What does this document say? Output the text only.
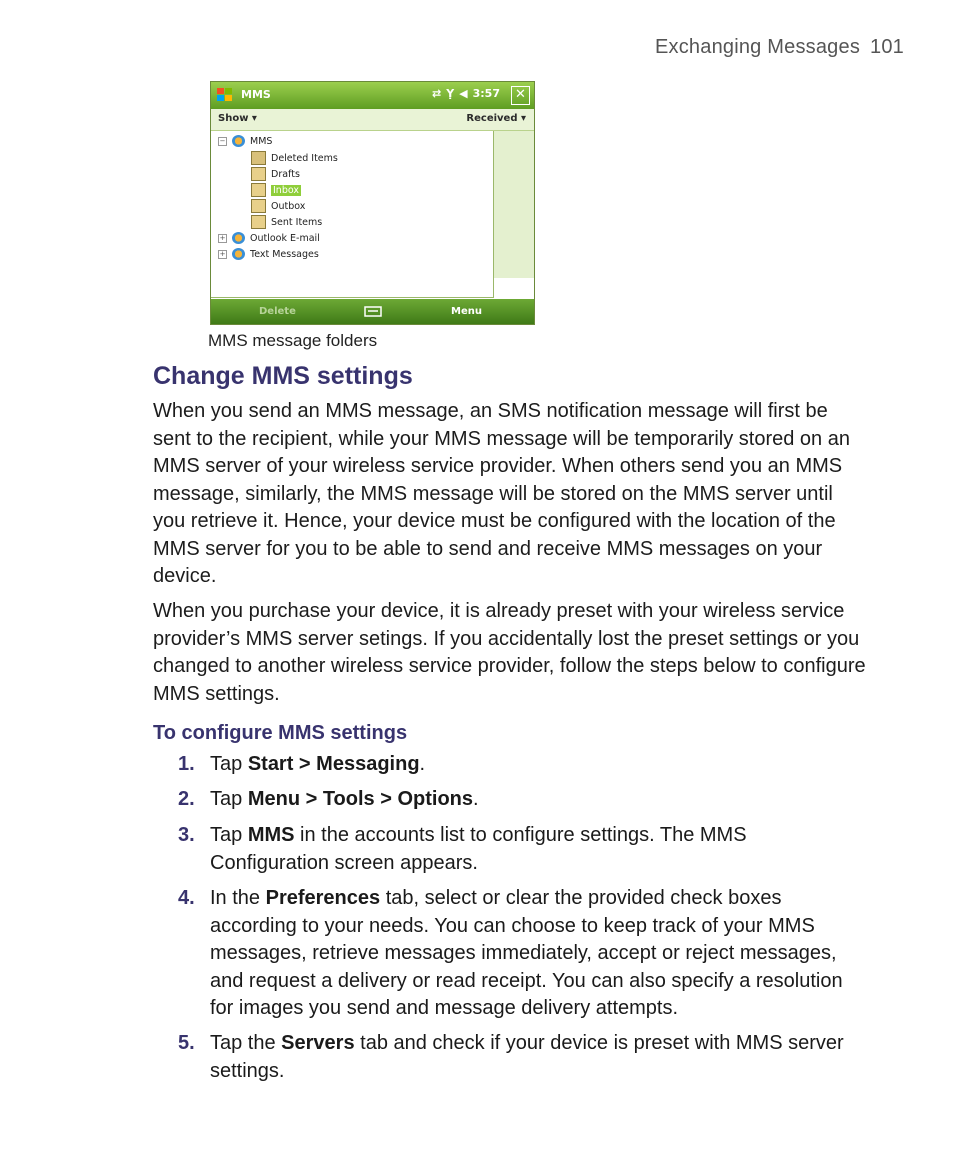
Exchanging Messages 101
MMS	⇄ Ỵ ◀ 3:57	✕
Show ▾	Received ▾
−	MMS
Deleted Items
Drafts
Inbox
Outbox
Sent Items
+	Outlook E-mail
+	Text Messages
Delete	Menu
MMS message folders
Change MMS settings

When you send an MMS message, an SMS notification message will first be sent to the recipient, while your MMS message will be temporarily stored on an MMS server of your wireless service provider. When others send you an MMS message, similarly, the MMS message will be stored on the MMS server until you retrieve it. Hence, your device must be configured with the location of the MMS server for you to be able to send and receive MMS messages on your device.

When you purchase your device, it is already preset with your wireless service provider’s MMS server setings. If you accidentally lost the preset settings or you changed to another wireless service provider, follow the steps below to configure MMS settings.

To configure MMS settings
1. Tap Start > Messaging.
2. Tap Menu > Tools > Options.
3. Tap MMS in the accounts list to configure settings. The MMS Configuration screen appears.
4. In the Preferences tab, select or clear the provided check boxes according to your needs. You can choose to keep track of your MMS messages, retrieve messages immediately, accept or reject messages, and request a delivery or read receipt. You can also specify a resolution for images you send and message delivery attempts.
5. Tap the Servers tab and check if your device is preset with MMS server settings.
